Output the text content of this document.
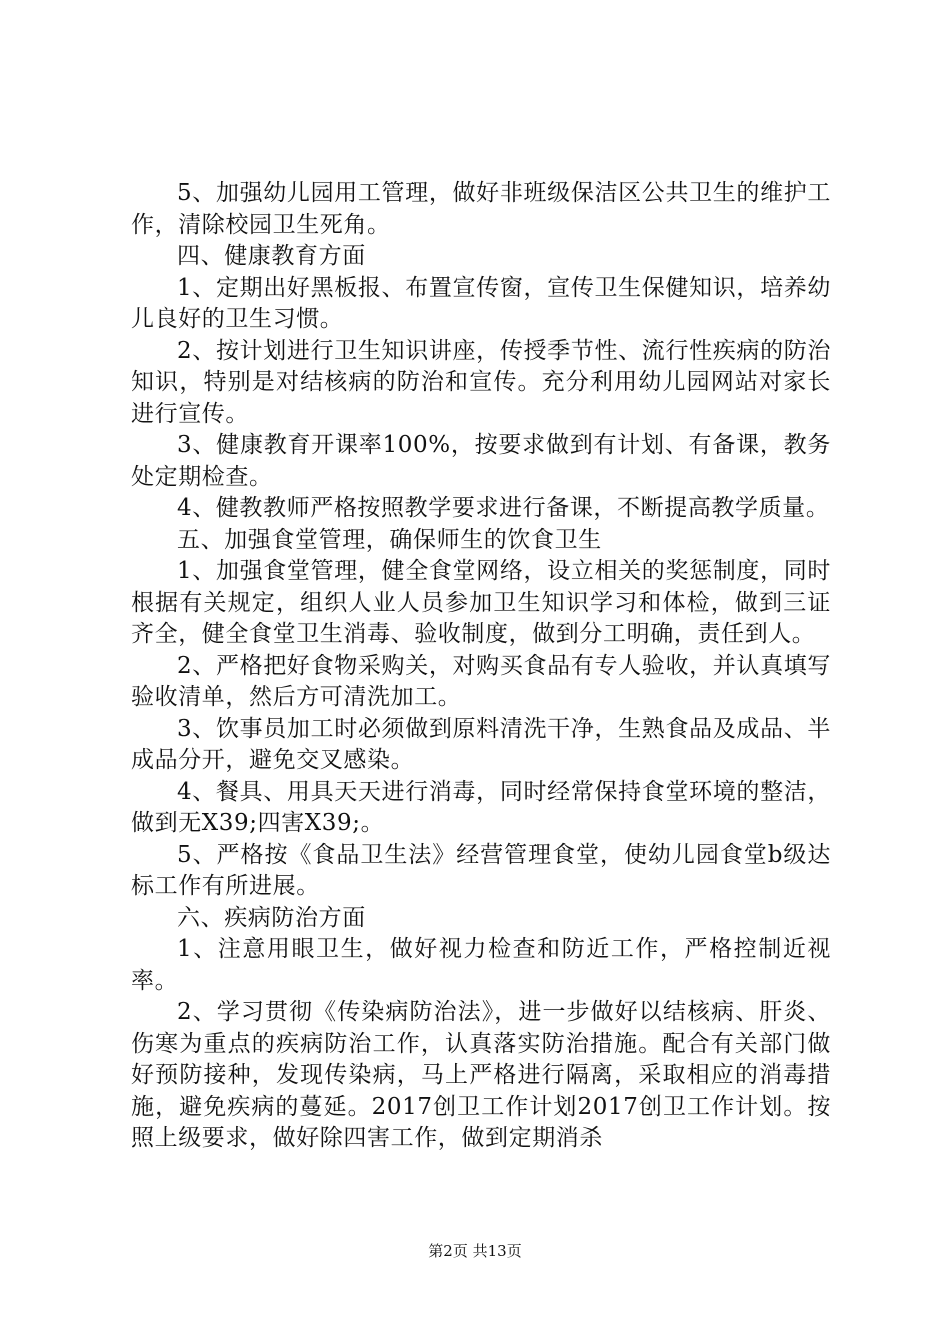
5、加强幼儿园用工管理，做好非班级保洁区公共卫生的维护工作，清除校园卫生死角。

四、健康教育方面

1、定期出好黑板报、布置宣传窗，宣传卫生保健知识，培养幼儿良好的卫生习惯。

2、按计划进行卫生知识讲座，传授季节性、流行性疾病的防治知识，特别是对结核病的防治和宣传。充分利用幼儿园网站对家长进行宣传。

3、健康教育开课率100%，按要求做到有计划、有备课，教务处定期检查。

4、健教教师严格按照教学要求进行备课，不断提高教学质量。

五、加强食堂管理，确保师生的饮食卫生

1、加强食堂管理，健全食堂网络，设立相关的奖惩制度，同时根据有关规定，组织人业人员参加卫生知识学习和体检，做到三证齐全，健全食堂卫生消毒、验收制度，做到分工明确，责任到人。

2、严格把好食物采购关，对购买食品有专人验收，并认真填写验收清单，然后方可清洗加工。

3、饮事员加工时必须做到原料清洗干净，生熟食品及成品、半成品分开，避免交叉感染。

4、餐具、用具天天进行消毒，同时经常保持食堂环境的整洁，做到无X39;四害X39;。

5、严格按《食品卫生法》经营管理食堂，使幼儿园食堂b级达标工作有所进展。

六、疾病防治方面

1、注意用眼卫生，做好视力检查和防近工作，严格控制近视率。

2、学习贯彻《传染病防治法》，进一步做好以结核病、肝炎、伤寒为重点的疾病防治工作，认真落实防治措施。配合有关部门做好预防接种，发现传染病，马上严格进行隔离，采取相应的消毒措施，避免疾病的蔓延。2017创卫工作计划2017创卫工作计划。按照上级要求，做好除四害工作，做到定期消杀

第2页 共13页
